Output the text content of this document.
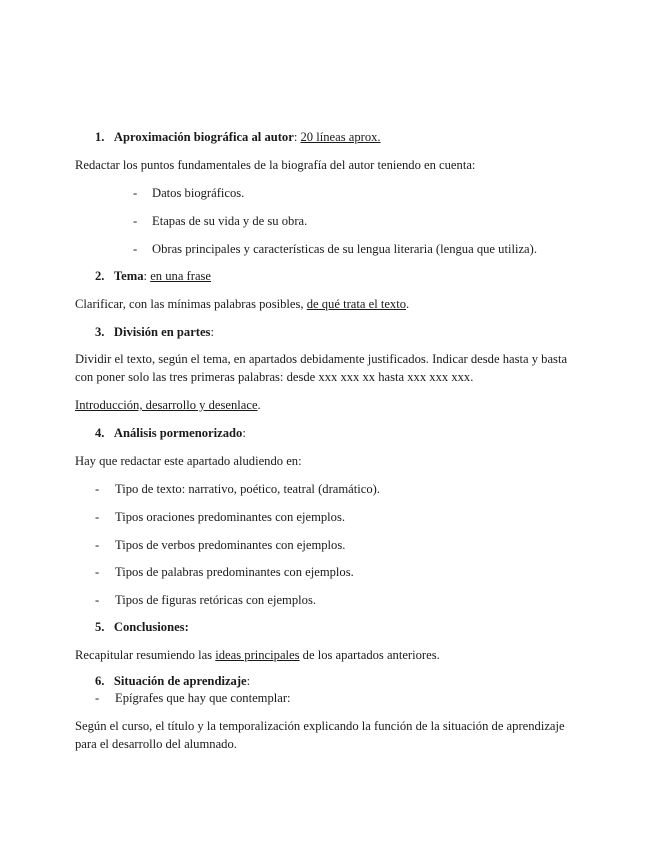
1. Aproximación biográfica al autor: 20 líneas aprox.
Redactar los puntos fundamentales de la biografía del autor teniendo en cuenta:
- Datos biográficos.
- Etapas de su vida y de su obra.
- Obras principales y características de su lengua literaria (lengua que utiliza).
2. Tema: en una frase
Clarificar, con las mínimas palabras posibles, de qué trata el texto.
3. División en partes:
Dividir el texto, según el tema, en apartados debidamente justificados. Indicar desde hasta y basta
con poner solo las tres primeras palabras: desde xxx xxx xx hasta xxx xxx xxx.
Introducción, desarrollo y desenlace.
4. Análisis pormenorizado:
Hay que redactar este apartado aludiendo en:
- Tipo de texto: narrativo, poético, teatral (dramático).
- Tipos oraciones predominantes con ejemplos.
- Tipos de verbos predominantes con ejemplos.
- Tipos de palabras predominantes con ejemplos.
- Tipos de figuras retóricas con ejemplos.
5. Conclusiones:
Recapitular resumiendo las ideas principales de los apartados anteriores.
6. Situación de aprendizaje:
- Epígrafes que hay que contemplar:
Según el curso, el título y la temporalización explicando la función de la situación de aprendizaje
para el desarrollo del alumnado.
